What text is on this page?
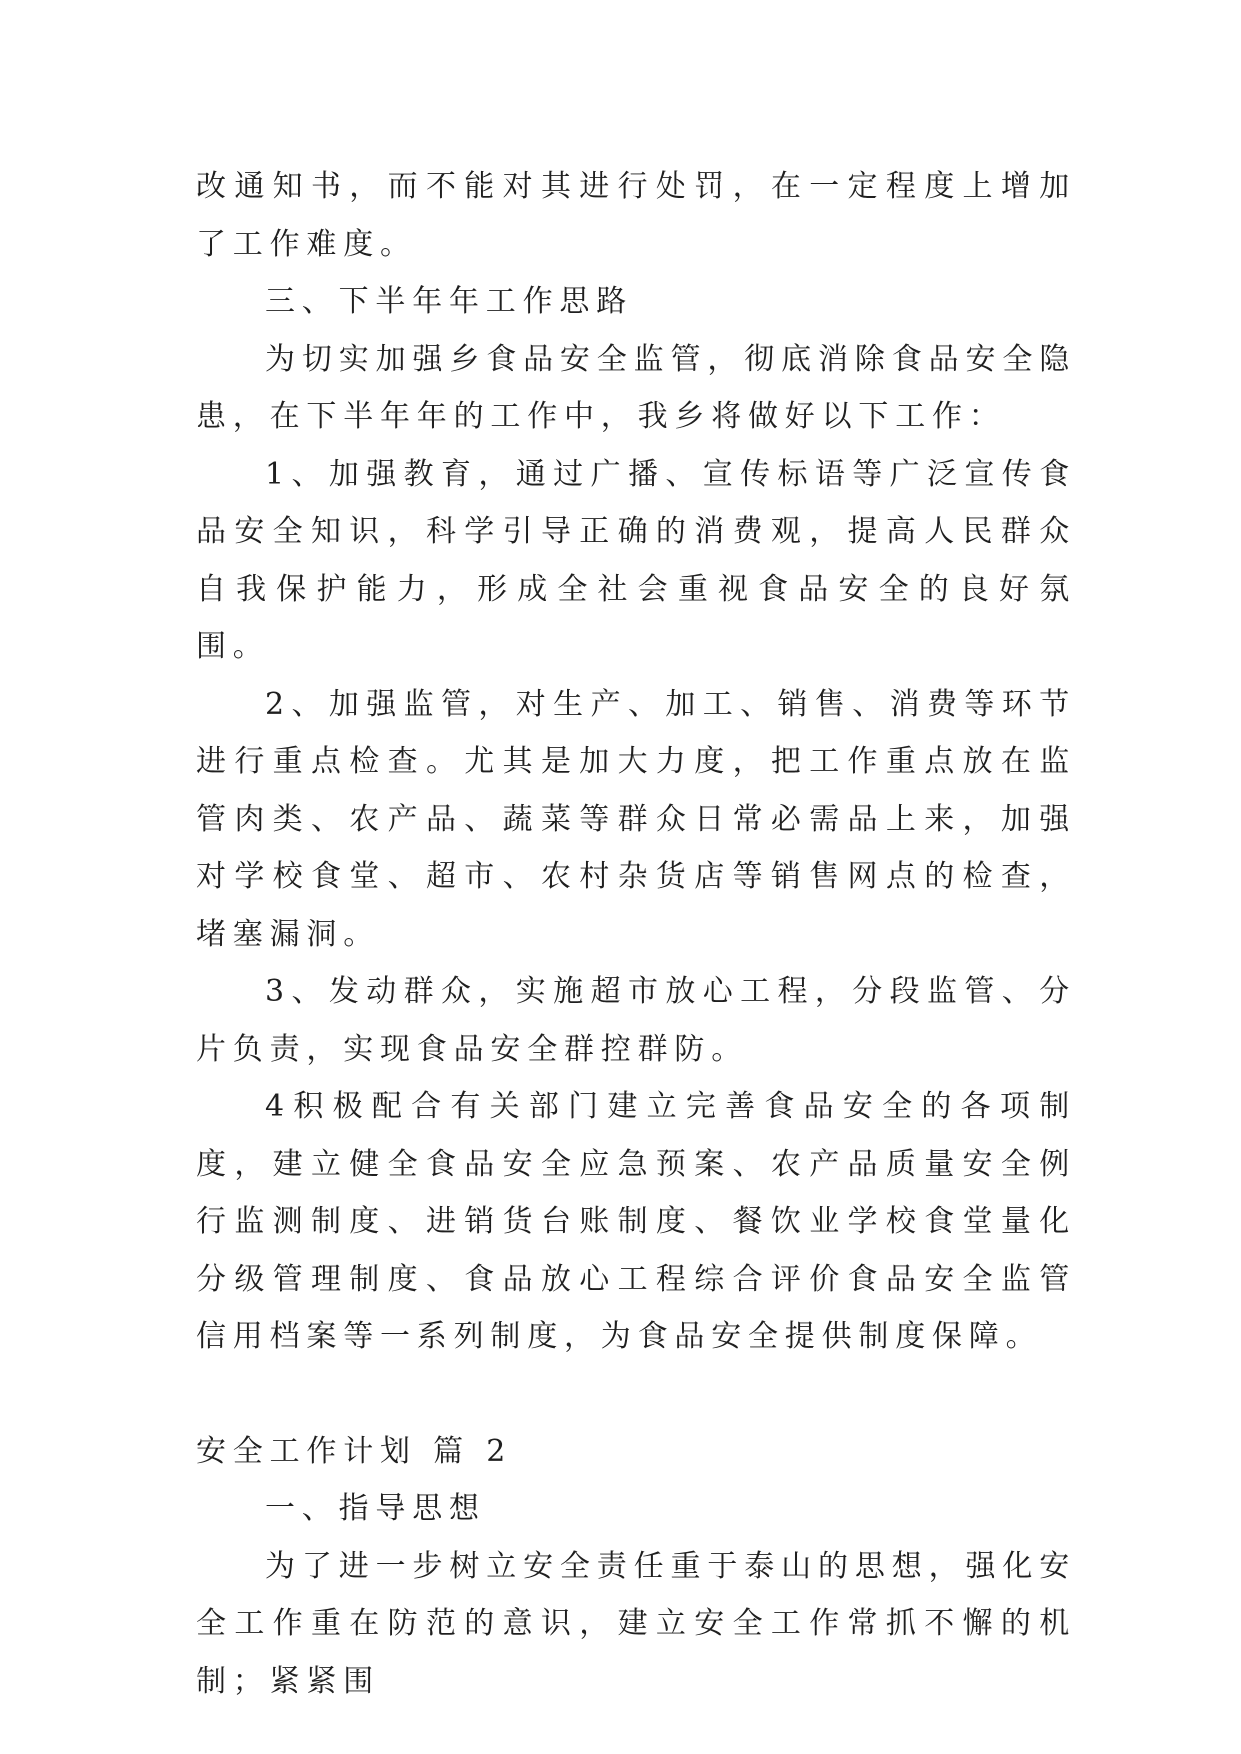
改通知书，而不能对其进行处罚，在一定程度上增加了工作难度。

三、下半年年工作思路

为切实加强乡食品安全监管，彻底消除食品安全隐患，在下半年年的工作中，我乡将做好以下工作：

1、加强教育，通过广播、宣传标语等广泛宣传食品安全知识，科学引导正确的消费观，提高人民群众自我保护能力，形成全社会重视食品安全的良好氛围。

2、加强监管，对生产、加工、销售、消费等环节进行重点检查。尤其是加大力度，把工作重点放在监管肉类、农产品、蔬菜等群众日常必需品上来，加强对学校食堂、超市、农村杂货店等销售网点的检查，堵塞漏洞。

3、发动群众，实施超市放心工程，分段监管、分片负责，实现食品安全群控群防。

4积极配合有关部门建立完善食品安全的各项制度，建立健全食品安全应急预案、农产品质量安全例行监测制度、进销货台账制度、餐饮业学校食堂量化分级管理制度、食品放心工程综合评价食品安全监管信用档案等一系列制度，为食品安全提供制度保障。

安全工作计划 篇 2

一、指导思想

为了进一步树立安全责任重于泰山的思想，强化安全工作重在防范的意识，建立安全工作常抓不懈的机制；紧紧围
